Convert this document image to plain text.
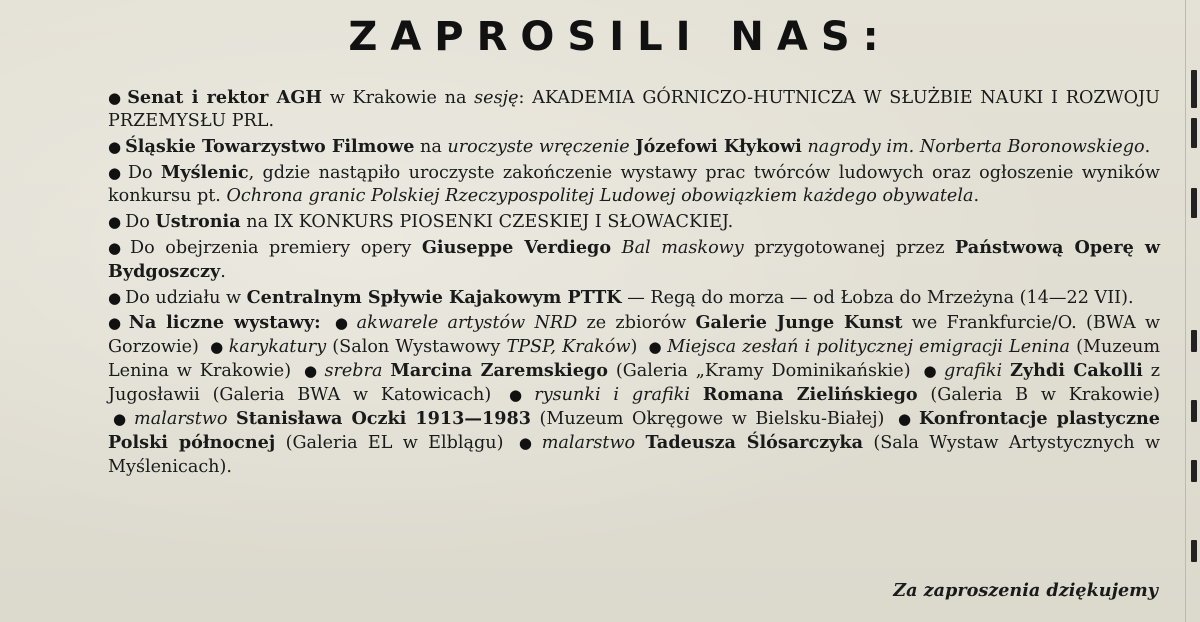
ZAPROSILI NAS:

● Senat i rektor AGH w Krakowie na sesję: AKADEMIA GÓRNICZO-HUTNICZA W SŁUŻBIE NAUKI I ROZWOJU PRZEMYSŁU PRL.

● Śląskie Towarzystwo Filmowe na uroczyste wręczenie Józefowi Kłykowi nagrody im. Norberta Boronowskiego.

● Do Myślenic, gdzie nastąpiło uroczyste zakończenie wystawy prac twórców ludowych oraz ogłoszenie wyników konkursu pt. Ochrona granic Polskiej Rzeczypospolitej Ludowej obowiązkiem każdego obywatela.

● Do Ustronia na IX KONKURS PIOSENKI CZESKIEJ I SŁOWACKIEJ.

● Do obejrzenia premiery opery Giuseppe Verdiego Bal maskowy przygotowanej przez Państwową Operę w Bydgoszczy.

● Do udziału w Centralnym Spływie Kajakowym PTTK — Regą do morza — od Łobza do Mrzeżyna (14—22 VII).

● Na liczne wystawy: ● akwarele artystów NRD ze zbiorów Galerie Junge Kunst we Frankfurcie/O. (BWA w Gorzowie) ● karykatury (Salon Wystawowy TPSP, Kraków) ● Miejsca zesłań i politycznej emigracji Lenina (Muzeum Lenina w Krakowie) ● srebra Marcina Zaremskiego (Galeria „Kramy Dominikańskie) ● grafiki Zyhdi Cakolli z Jugosławii (Galeria BWA w Katowicach) ● rysunki i grafiki Romana Zielińskiego (Galeria B w Krakowie) ● malarstwo Stanisława Oczki 1913—1983 (Muzeum Okręgowe w Bielsku-Białej) ● Konfrontacje plastyczne Polski północnej (Galeria EL w Elblągu) ● malarstwo Tadeusza Ślósarczyka (Sala Wystaw Artystycznych w Myślenicach).

Za zaproszenia dziękujemy
